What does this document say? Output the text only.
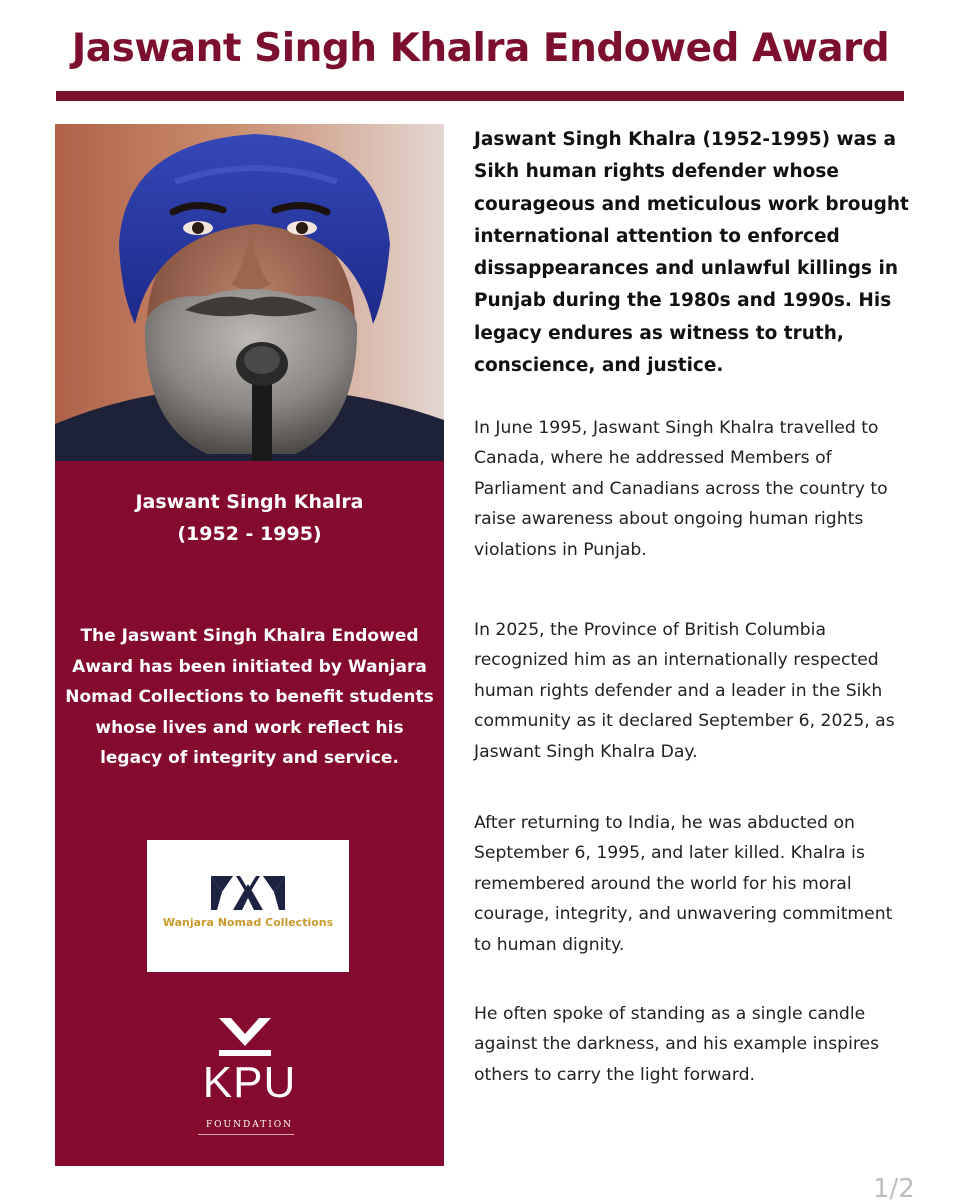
Jaswant Singh Khalra Endowed Award
Jaswant Singh Khalra
(1952 - 1995)
The Jaswant Singh Khalra Endowed Award has been initiated by Wanjara Nomad Collections to benefit students whose lives and work reflect his legacy of integrity and service.
Wanjara Nomad Collections
KPU
FOUNDATION

Jaswant Singh Khalra (1952-1995) was a Sikh human rights defender whose courageous and meticulous work brought international attention to enforced dissappearances and unlawful killings in Punjab during the 1980s and 1990s. His legacy endures as witness to truth, conscience, and justice.

In June 1995, Jaswant Singh Khalra travelled to Canada, where he addressed Members of Parliament and Canadians across the country to raise awareness about ongoing human rights violations in Punjab.

In 2025, the Province of British Columbia recognized him as an internationally respected human rights defender and a leader in the Sikh community as it declared September 6, 2025, as Jaswant Singh Khalra Day.

After returning to India, he was abducted on September 6, 1995, and later killed. Khalra is remembered around the world for his moral courage, integrity, and unwavering commitment to human dignity.

He often spoke of standing as a single candle against the darkness, and his example inspires others to carry the light forward.

1/2
